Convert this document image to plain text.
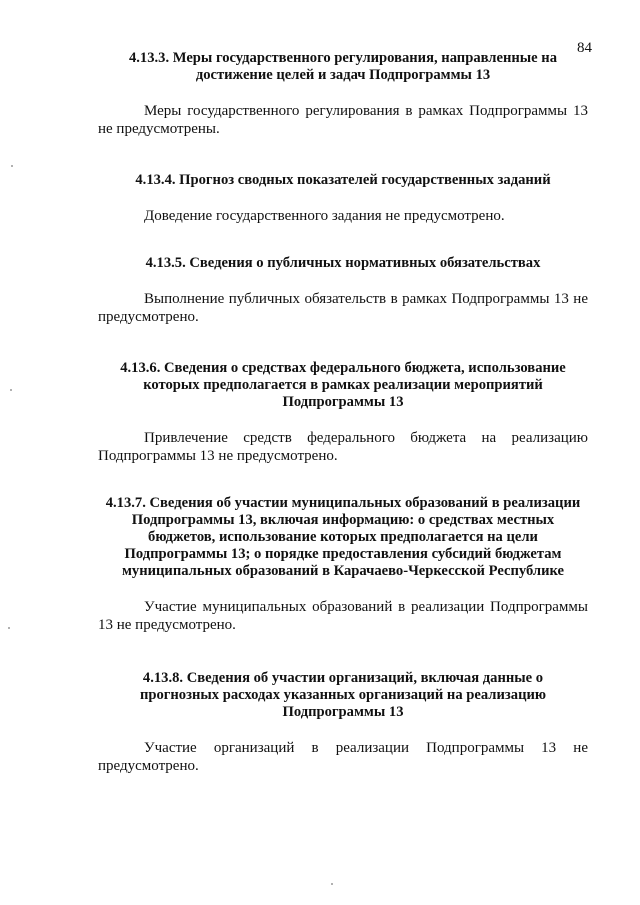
84
4.13.3. Меры государственного регулирования, направленные на достижение целей и задач Подпрограммы 13
Меры государственного регулирования в рамках Подпрограммы 13 не предусмотрены.
4.13.4. Прогноз сводных показателей государственных заданий
Доведение государственного задания не предусмотрено.
4.13.5. Сведения о публичных нормативных обязательствах
Выполнение публичных обязательств в рамках Подпрограммы 13 не предусмотрено.
4.13.6. Сведения о средствах федерального бюджета, использование которых предполагается в рамках реализации мероприятий Подпрограммы 13
Привлечение средств федерального бюджета на реализацию Подпрограммы 13 не предусмотрено.
4.13.7. Сведения об участии муниципальных образований в реализации Подпрограммы 13, включая информацию: о средствах местных бюджетов, использование которых предполагается на цели Подпрограммы 13; о порядке предоставления субсидий бюджетам муниципальных образований в Карачаево-Черкесской Республике
Участие муниципальных образований в реализации Подпрограммы 13 не предусмотрено.
4.13.8. Сведения об участии организаций, включая данные о прогнозных расходах указанных организаций на реализацию Подпрограммы 13
Участие организаций в реализации Подпрограммы 13 не предусмотрено.
